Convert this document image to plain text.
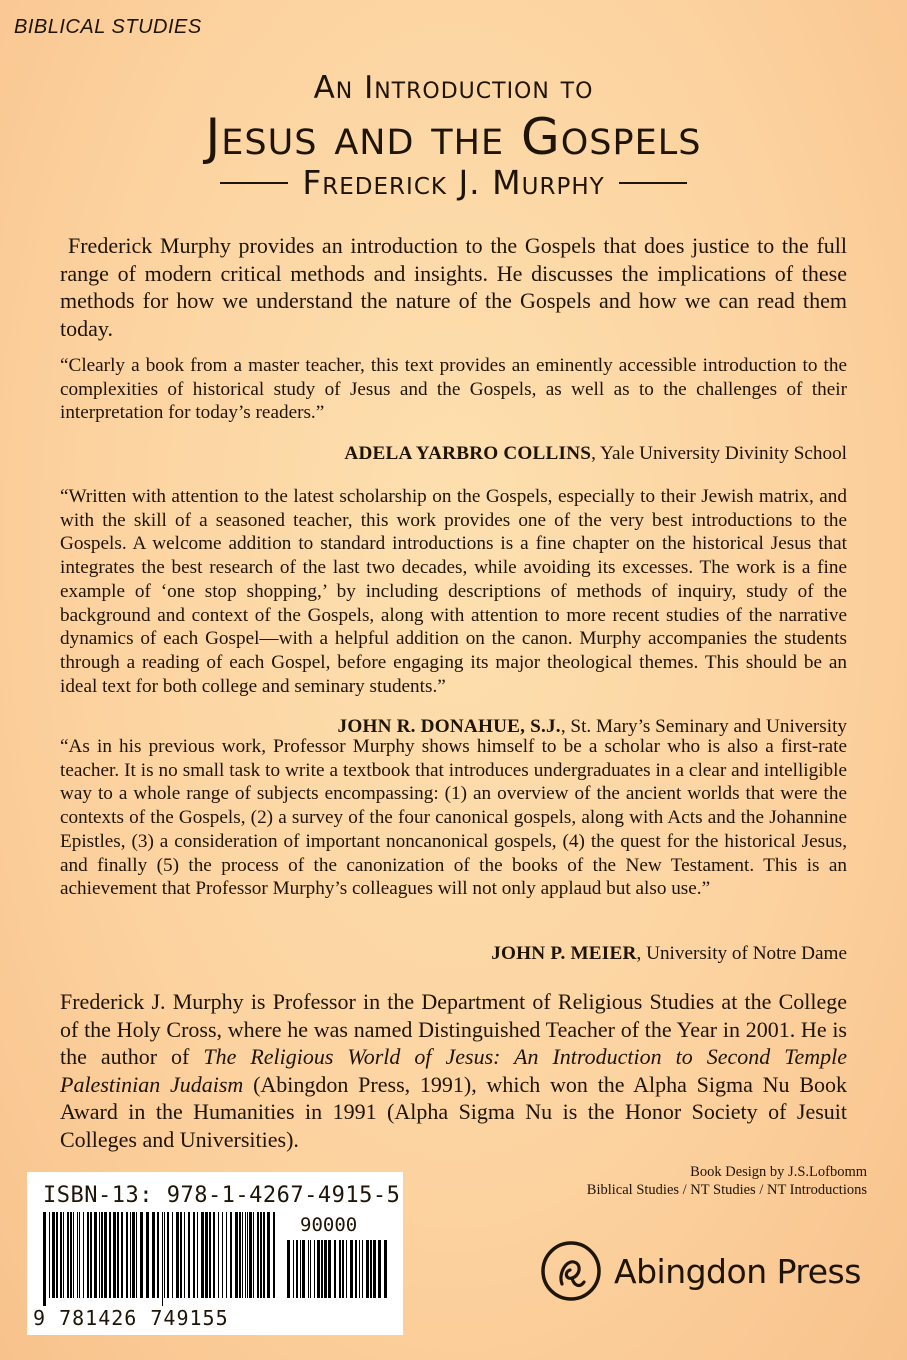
BIBLICAL STUDIES
An Introduction to
Jesus and the Gospels
Frederick J. Murphy

Frederick Murphy provides an introduction to the Gospels that does justice to the full range of modern critical methods and insights. He discusses the implications of these methods for how we understand the nature of the Gospels and how we can read them today.

“Clearly a book from a master teacher, this text provides an eminently accessible introduction to the complexities of historical study of Jesus and the Gospels, as well as to the challenges of their interpretation for today’s readers.”

ADELA YARBRO COLLINS, Yale University Divinity School

“Written with attention to the latest scholarship on the Gospels, especially to their Jewish matrix, and with the skill of a seasoned teacher, this work provides one of the very best introductions to the Gospels. A welcome addition to standard introductions is a fine chapter on the historical Jesus that integrates the best research of the last two decades, while avoiding its excesses. The work is a fine example of ‘one stop shopping,’ by including descriptions of methods of inquiry, study of the background and context of the Gospels, along with attention to more recent studies of the narrative dynamics of each Gospel—with a helpful addition on the canon. Murphy accompanies the students through a reading of each Gospel, before engaging its major theological themes. This should be an ideal text for both college and seminary students.”

JOHN R. DONAHUE, S.J., St. Mary’s Seminary and University

“As in his previous work, Professor Murphy shows himself to be a scholar who is also a first-rate teacher. It is no small task to write a textbook that introduces undergraduates in a clear and intelligible way to a whole range of subjects encompassing: (1) an overview of the ancient worlds that were the contexts of the Gospels, (2) a survey of the four canonical gospels, along with Acts and the Johannine Epistles, (3) a consideration of important noncanonical gospels, (4) the quest for the historical Jesus, and finally (5) the process of the canonization of the books of the New Testament. This is an achievement that Professor Murphy’s colleagues will not only applaud but also use.”

JOHN P. MEIER, University of Notre Dame

Frederick J. Murphy is Professor in the Department of Religious Studies at the College of the Holy Cross, where he was named Distinguished Teacher of the Year in 2001. He is the author of The Religious World of Jesus: An Introduction to Second Temple Palestinian Judaism (Abingdon Press, 1991), which won the Alpha Sigma Nu Book Award in the Humanities in 1991 (Alpha Sigma Nu is the Honor Society of Jesuit Colleges and Universities).

Book Design by J.S.Lofbomm
Biblical Studies / NT Studies / NT Introductions
ISBN-13: 978-1-4267-4915-5
90000
9 781426 749155
Abingdon Press
